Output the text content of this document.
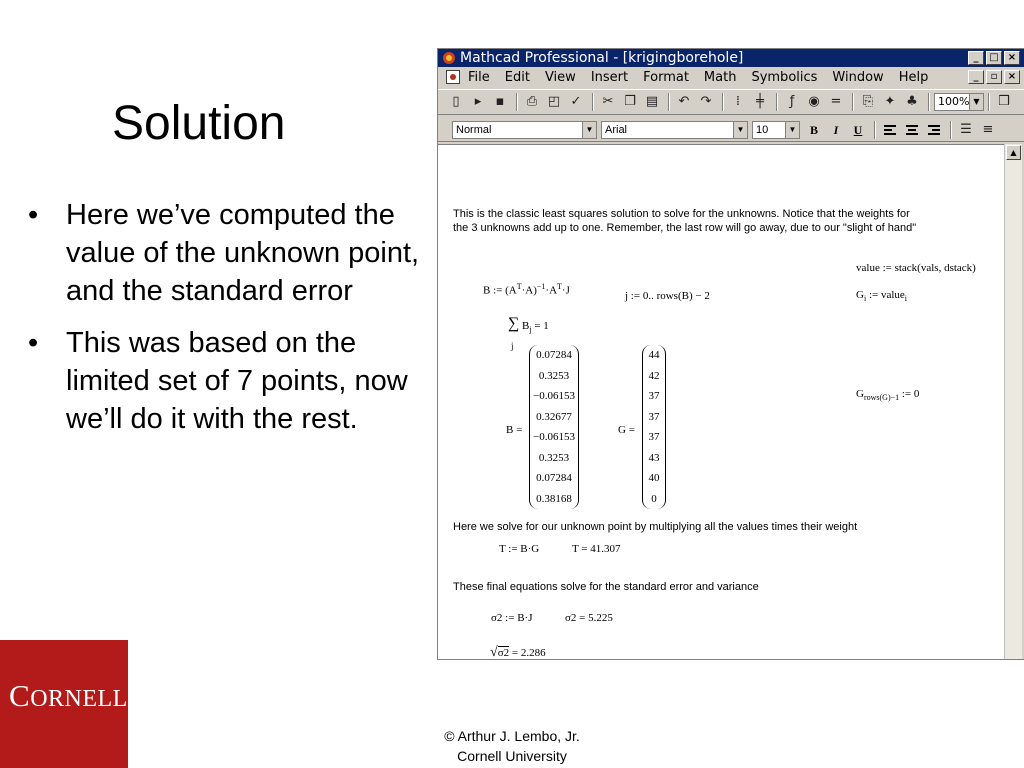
Solution
• Here we’ve computed the value of the unknown point, and the standard error
• This was based on the limited set of 7 points, now we’ll do it with the rest.
CORNELL
© Arthur J. Lembo, Jr.
Cornell University
Mathcad Professional - [krigingborehole]	_	□ ×
File Edit View Insert Format Math Symbolics Window Help	_	▫	×
▯	▸	▪	⎙ ◰ ✓	✂ ❐ ▤	↶ ↷	⁞	╪	ƒ	◉ =	⎘ ✦ ♣	100% ▼	❒
Normal	▼	Arial	▼	10	▼	B	I	U	☰ ≡
This is the classic least squares solution to solve for the unknowns. Notice that the weights for the 3 unknowns add up to one. Remember, the last row will go away, due to our "slight of hand"
B := $(A^T\cdot A)^{-1}\cdot A^T\cdot J$
value := stack(vals, dstack)
j := 0.. rows(B) − 2	$G_i$ := value$_i$
∑ $B_j = 1$
j
$G_{rows(G)-1}$ := 0
B =
0.07284
0.3253
−0.06153
0.32677
−0.06153
0.3253
0.07284
0.38168
G =
44
42
37
37
37
43
40
0
Here we solve for our unknown point by multiplying all the values times their weight
T := B·G	T = 41.307
These final equations solve for the standard error and variance
σ2 := B·J	σ2 = 5.225
√σ2 = 2.286
▲
